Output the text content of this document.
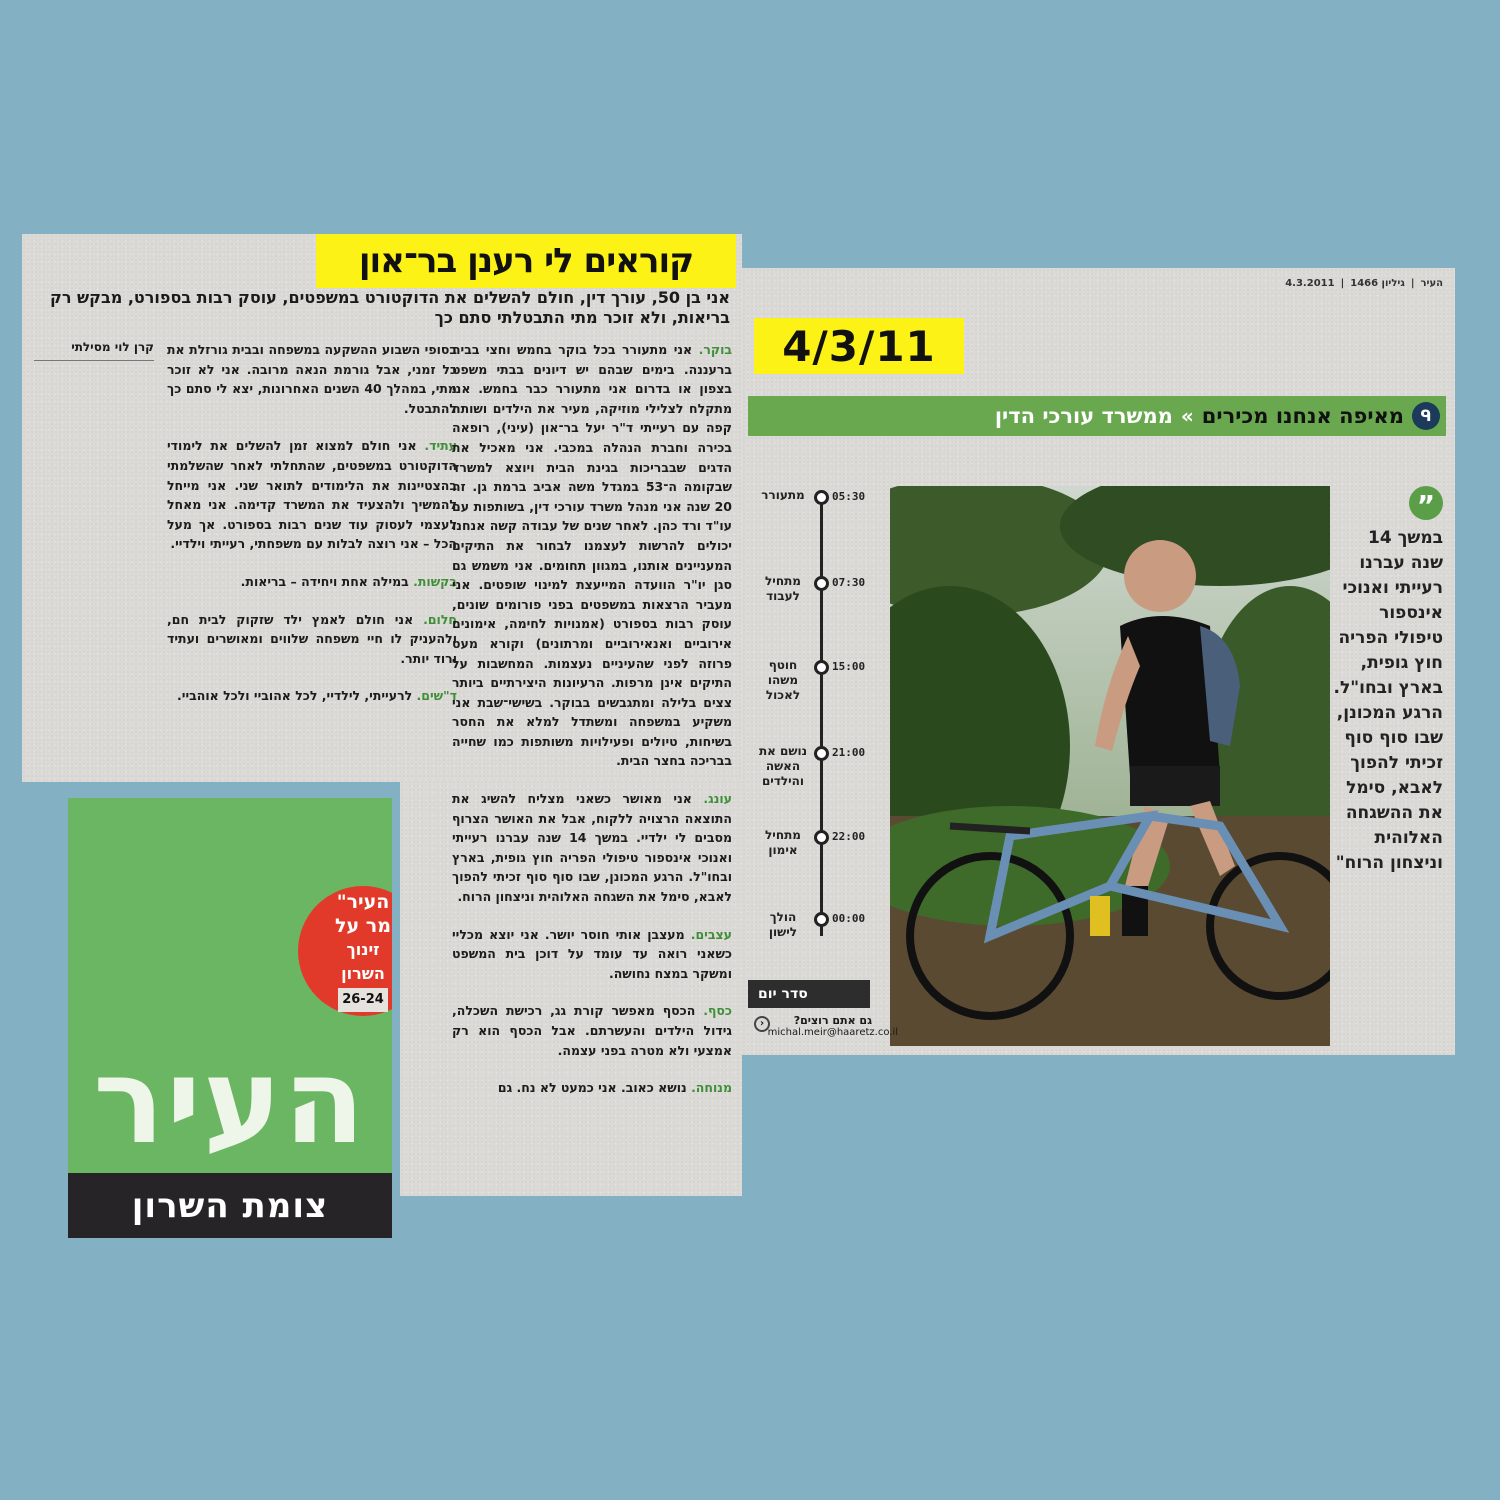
קוראים לי רענן בר־און
אני בן 50, עורך דין, חולם להשלים את הדוקטורט במשפטים, עוסק רבות בספורט, מבקש רק בריאות, ולא זוכר מתי התבטלתי סתם כך
קרן לוי מסילתי בסופי השבוע ההשקעה במשפחה ובבית גורזלת את כל זמני, אבל גורמת הנאה מרובה. אני לא זוכר מתי, במהלך 40 השנים האחרונות, יצא לי סתם כך להתבטל.

עתיד. אני חולם למצוא זמן להשלים את לימודי הדוקטורט במשפטים, שהתחלתי לאחר שהשלמתי בהצטיינות את הלימודים לתואר שני. אני מייחל להמשיך ולהצעיד את המשרד קדימה. אני מאחל לעצמי לעסוק עוד שנים רבות בספורט. אך מעל הכל – אני רוצה לבלות עם משפחתי, רעייתי וילדיי.

בקשות. במילה אחת ויחידה – בריאות.

חלום. אני חולם לאמץ ילד שזקוק לבית חם, ולהעניק לו חיי משפחה שלווים ומאושרים ועתיד ורוד יותר.

ד"שים. לרעייתי, לילדיי, לכל אהוביי ולכל אוהביי.

בוקר. אני מתעורר בכל בוקר בחמש וחצי בבית ברעננה. בימים שבהם יש דיונים בבתי משפט בצפון או בדרום אני מתעורר כבר בחמש. אני מתקלח לצלילי מוזיקה, מעיר את הילדים ושותה קפה עם רעייתי ד"ר יעל בר־און (עיני), רופאה בכירה וחברת הנהלה במכבי. אני מאכיל את הדגים שבבריכות בגינת הבית ויוצא למשרד שבקומה ה־53 במגדל משה אביב ברמת גן. זה 20 שנה אני מנהל משרד עורכי דין, בשותפות עם עו"ד ורד כהן. לאחר שנים של עבודה קשה אנחנו יכולים להרשות לעצמנו לבחור את התיקים המעניינים אותנו, במגוון תחומים. אני משמש גם סגן יו"ר הוועדה המייעצת למינוי שופטים. אני מעביר הרצאות במשפטים בפני פורומים שונים, עוסק רבות בספורט (אמנויות לחימה, אימונים אירוביים ואנאירוביים ומרתונים) וקורא מעט פרוזה לפני שהעיניים נעצמות. המחשבות על התיקים אינן מרפות. הרעיונות היצירתיים ביותר צצים בלילה ומתגבשים בבוקר. בשישי־שבת אני משקיע במשפחה ומשתדל למלא את החסר בשיחות, טיולים ופעילויות משותפות כמו שחייה בבריכה בחצר הבית.

עונג. אני מאושר כשאני מצליח להשיג את התוצאה הרצויה ללקוח, אבל את האושר הצרוף מסבים לי ילדיי. במשך 14 שנה עברנו רעייתי ואנוכי אינספור טיפולי הפריה חוץ גופית, בארץ ובחו"ל. הרגע המכונן, שבו סוף סוף זכיתי להפוך לאבא, סימל את השגחה האלוהית וניצחון הרוח.

עצבים. מעצבן אותי חוסר יושר. אני יוצא מכליי כשאני רואה עד עומד על דוכן בית המשפט ומשקר במצח נחושה.

כסף. הכסף מאפשר קורת גג, רכישת השכלה, גידול הילדים והעשרתם. אבל הכסף הוא רק אמצעי ולא מטרה בפני עצמה.

מנוחה. נושא כאוב. אני כמעט לא נח. גם

העיר
|
גיליון 1466
|
4.3.2011
4/3/11
ᑫ
מאיפה אנחנו מכירים
»
ממשרד עורכי הדין
”
במשך 14 שנה עברנו רעייתי ואנוכי אינספור טיפולי הפריה חוץ גופית, בארץ ובחו"ל. הרגע המכונן, שבו סוף סוף זכיתי להפוך לאבא, סימל את ההשגחה האלוהית וניצחון הרוח"
05:30
מתעורר
07:30
מתחיל לעבוד
15:00
חוטף משהו לאכול
21:00
נושם את האשה והילדים
22:00
מתחיל אימון
00:00
הולך לישון
סדר יום
‹	גם אתם רוצים?
michal.meir@haaretz.co.il
העיר"
מר על
זינוך
השרון
26-24
העיר
צומת השרון
